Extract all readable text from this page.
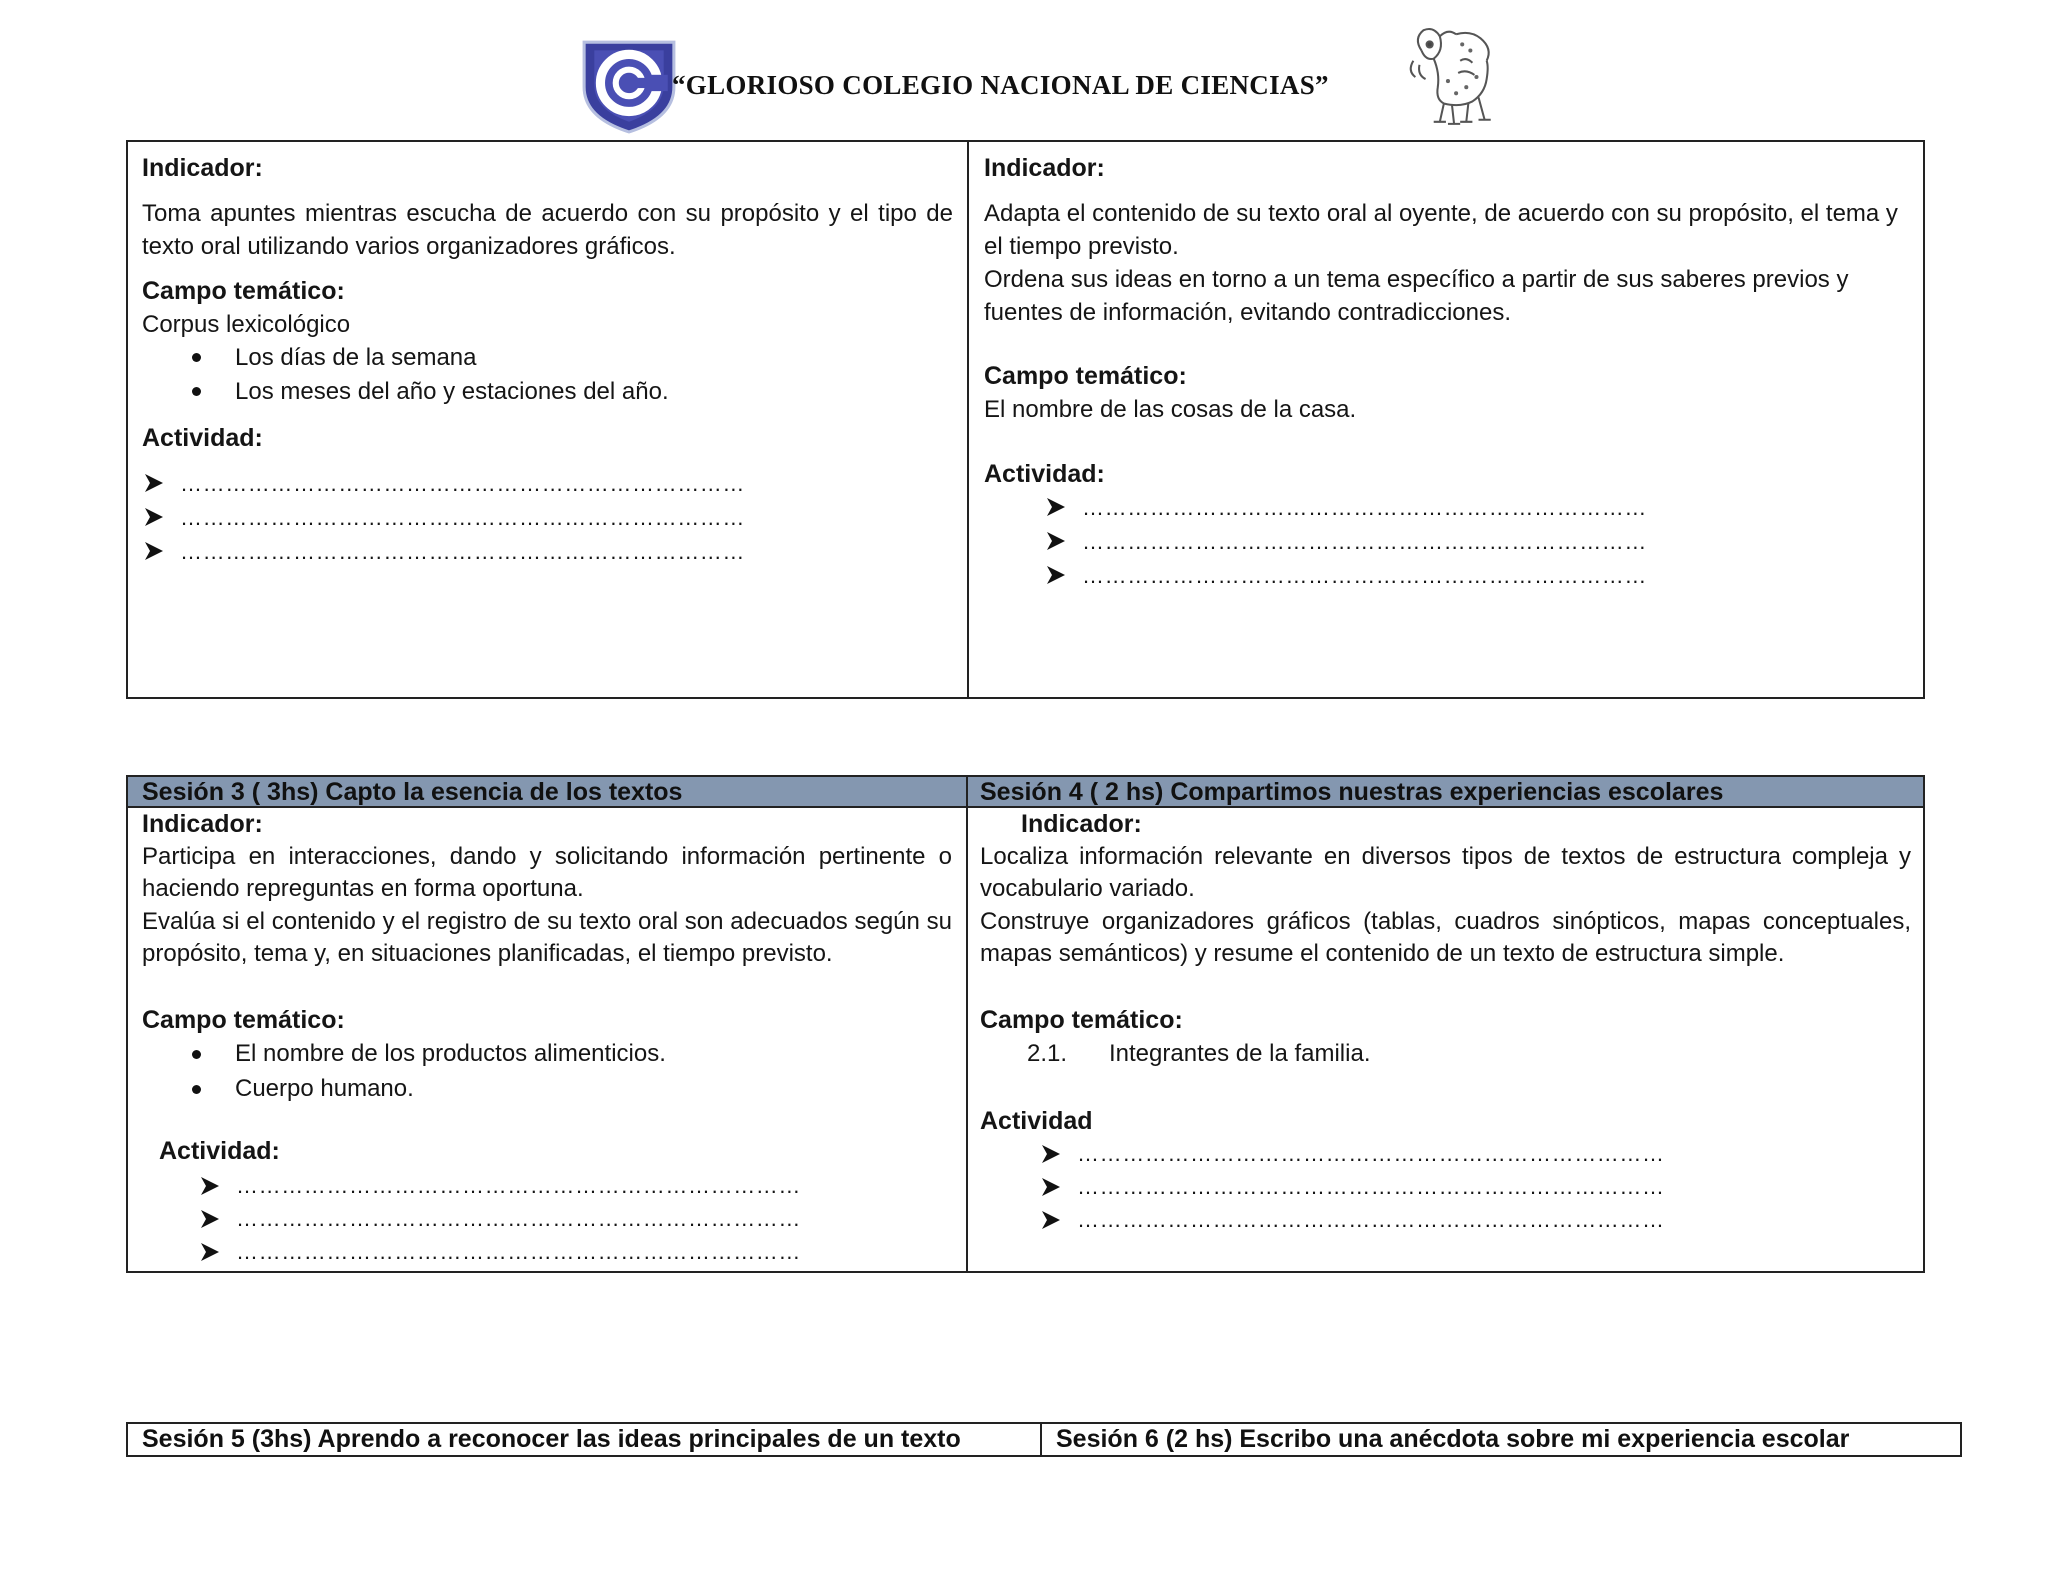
“GLORIOSO COLEGIO NACIONAL DE CIENCIAS”

Indicador:

Toma apuntes mientras escucha de acuerdo con su propósito y el tipo de texto oral utilizando varios organizadores gráficos.

Campo temático:

Corpus lexicológico

Los días de la semana
Los meses del año y estaciones del año.

Actividad:

…………………………………………………………………
…………………………………………………………………
…………………………………………………………………

Indicador:

Adapta el contenido de su texto oral al oyente, de acuerdo con su propósito, el tema y el tiempo previsto.

Ordena sus ideas en torno a un tema específico a partir de sus saberes previos y fuentes de información, evitando contradicciones.

Campo temático:

El nombre de las cosas de la casa.

Actividad:

…………………………………………………………………
…………………………………………………………………
…………………………………………………………………
Sesión 3 ( 3hs) Capto la esencia de los textos	Sesión 4 ( 2 hs) Compartimos nuestras experiencias escolares

Indicador:

Participa en interacciones, dando y solicitando información pertinente o haciendo repreguntas en forma oportuna.

Evalúa si el contenido y el registro de su texto oral son adecuados según su propósito, tema y, en situaciones planificadas, el tiempo previsto.

Campo temático:

El nombre de los productos alimenticios.
Cuerpo humano.

Actividad:

…………………………………………………………………
…………………………………………………………………
…………………………………………………………………

Indicador:

Localiza información relevante en diversos tipos de textos de estructura compleja y vocabulario variado.

Construye organizadores gráficos (tablas, cuadros sinópticos, mapas conceptuales, mapas semánticos) y resume el contenido de un texto de estructura simple.

Campo temático:

2.1. Integrantes de la familia.

Actividad

……………………………………………………………………
……………………………………………………………………
……………………………………………………………………
Sesión 5 (3hs) Aprendo a reconocer las ideas principales de un texto	Sesión 6 (2 hs) Escribo una anécdota sobre mi experiencia escolar
